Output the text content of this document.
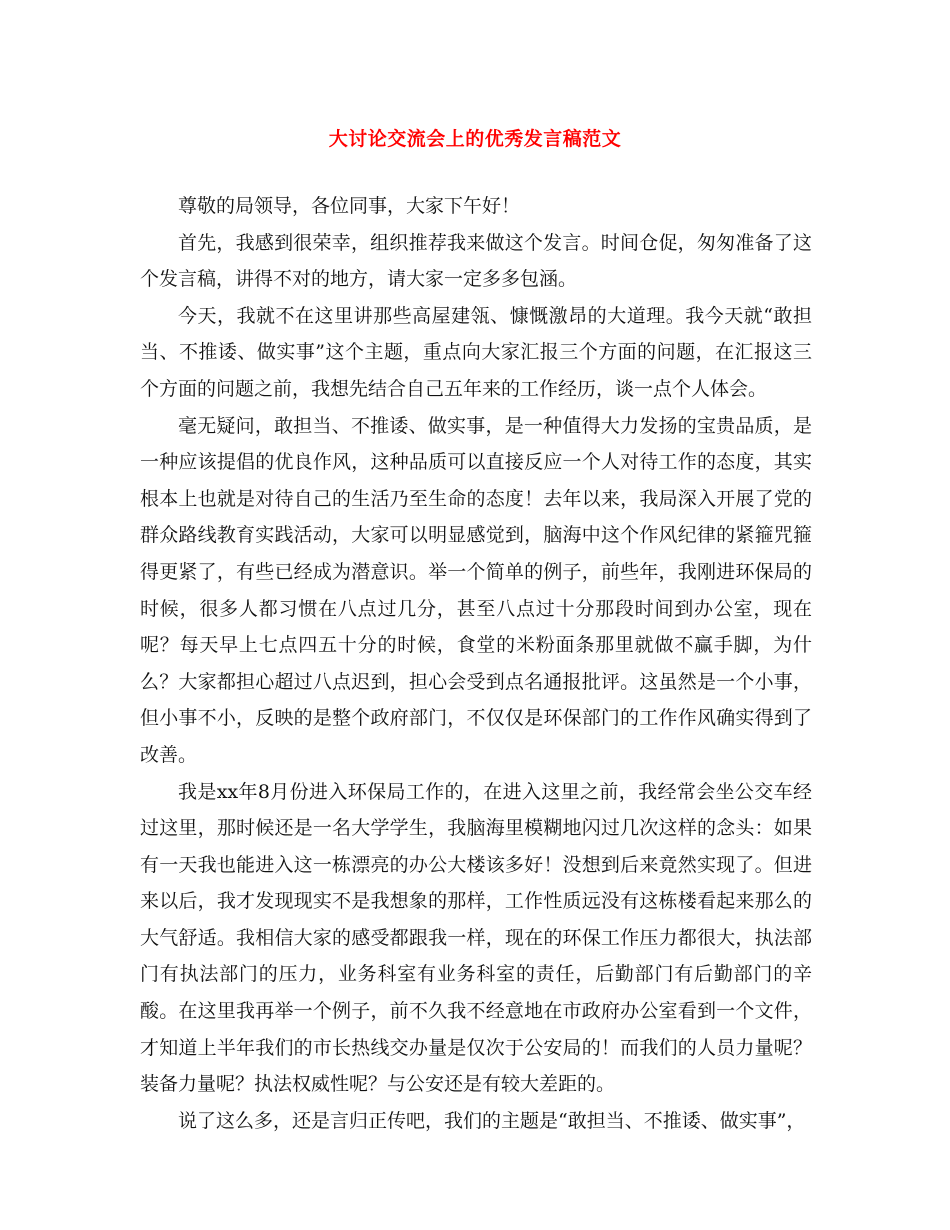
大讨论交流会上的优秀发言稿范文

尊敬的局领导，各位同事，大家下午好！

首先，我感到很荣幸，组织推荐我来做这个发言。时间仓促，匆匆准备了这个发言稿，讲得不对的地方，请大家一定多多包涵。

今天，我就不在这里讲那些高屋建瓴、慷慨激昂的大道理。我今天就“敢担当、不推诿、做实事”这个主题，重点向大家汇报三个方面的问题，在汇报这三个方面的问题之前，我想先结合自己五年来的工作经历，谈一点个人体会。

毫无疑问，敢担当、不推诿、做实事，是一种值得大力发扬的宝贵品质，是一种应该提倡的优良作风，这种品质可以直接反应一个人对待工作的态度，其实根本上也就是对待自己的生活乃至生命的态度！去年以来，我局深入开展了党的群众路线教育实践活动，大家可以明显感觉到，脑海中这个作风纪律的紧箍咒箍得更紧了，有些已经成为潜意识。举一个简单的例子，前些年，我刚进环保局的时候，很多人都习惯在八点过几分，甚至八点过十分那段时间到办公室，现在呢？每天早上七点四五十分的时候，食堂的米粉面条那里就做不赢手脚，为什么？大家都担心超过八点迟到，担心会受到点名通报批评。这虽然是一个小事，但小事不小，反映的是整个政府部门，不仅仅是环保部门的工作作风确实得到了改善。

我是xx年8月份进入环保局工作的，在进入这里之前，我经常会坐公交车经过这里，那时候还是一名大学学生，我脑海里模糊地闪过几次这样的念头：如果有一天我也能进入这一栋漂亮的办公大楼该多好！没想到后来竟然实现了。但进来以后，我才发现现实不是我想象的那样，工作性质远没有这栋楼看起来那么的大气舒适。我相信大家的感受都跟我一样，现在的环保工作压力都很大，执法部门有执法部门的压力，业务科室有业务科室的责任，后勤部门有后勤部门的辛酸。在这里我再举一个例子，前不久我不经意地在市政府办公室看到一个文件，才知道上半年我们的市长热线交办量是仅次于公安局的！而我们的人员力量呢？装备力量呢？执法权威性呢？与公安还是有较大差距的。

说了这么多，还是言归正传吧，我们的主题是“敢担当、不推诿、做实事”，
